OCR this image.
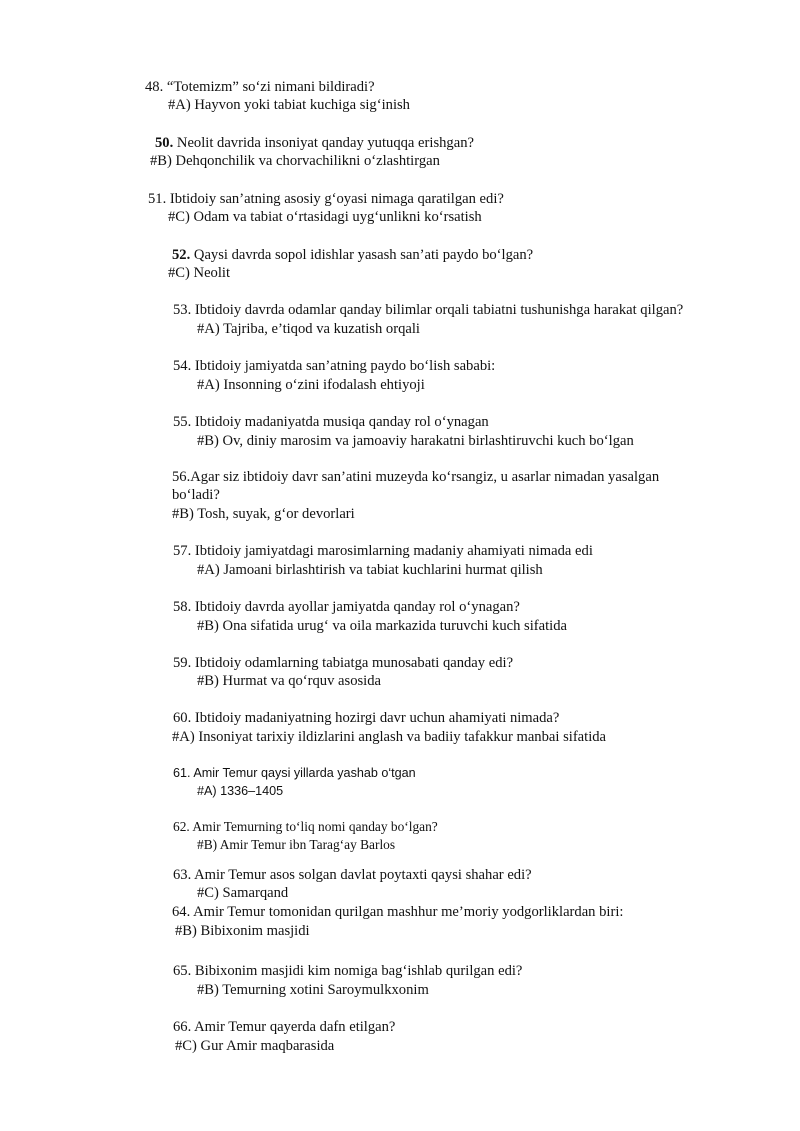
48. “Totemizm” so‘zi nimani bildiradi?
#A) Hayvon yoki tabiat kuchiga sig‘inish
50. Neolit davrida insoniyat qanday yutuqqa erishgan?
#B) Dehqonchilik va chorvachilikni o‘zlashtirgan
51. Ibtidoiy san’atning asosiy g‘oyasi nimaga qaratilgan edi?
#C) Odam va tabiat o‘rtasidagi uyg‘unlikni ko‘rsatish
52. Qaysi davrda sopol idishlar yasash san’ati paydo bo‘lgan?
#C) Neolit
53. Ibtidoiy davrda odamlar qanday bilimlar orqali tabiatni tushunishga harakat qilgan?
#A) Tajriba, e’tiqod va kuzatish orqali
54. Ibtidoiy jamiyatda san’atning paydo bo‘lish sababi:
#A) Insonning o‘zini ifodalash ehtiyoji
55. Ibtidoiy madaniyatda musiqa qanday rol o‘ynagan
#B) Ov, diniy marosim va jamoaviy harakatni birlashtiruvchi kuch bo‘lgan
56.Agar siz ibtidoiy davr san’atini muzeyda ko‘rsangiz, u asarlar nimadan yasalgan
bo‘ladi?
#B) Tosh, suyak, g‘or devorlari
57. Ibtidoiy jamiyatdagi marosimlarning madaniy ahamiyati nimada edi
#A) Jamoani birlashtirish va tabiat kuchlarini hurmat qilish
58. Ibtidoiy davrda ayollar jamiyatda qanday rol o‘ynagan?
#B) Ona sifatida urug‘ va oila markazida turuvchi kuch sifatida
59. Ibtidoiy odamlarning tabiatga munosabati qanday edi?
#B) Hurmat va qo‘rquv asosida
60. Ibtidoiy madaniyatning hozirgi davr uchun ahamiyati nimada?
#A) Insoniyat tarixiy ildizlarini anglash va badiiy tafakkur manbai sifatida
61. Amir Temur qaysi yillarda yashab o‘tgan
#A) 1336–1405
62. Amir Temurning to‘liq nomi qanday bo‘lgan?
#B) Amir Temur ibn Tarag‘ay Barlos
63. Amir Temur asos solgan davlat poytaxti qaysi shahar edi?
#C) Samarqand
64. Amir Temur tomonidan qurilgan mashhur me’moriy yodgorliklardan biri:
#B) Bibixonim masjidi
65. Bibixonim masjidi kim nomiga bag‘ishlab qurilgan edi?
#B) Temurning xotini Saroymulkxonim
66. Amir Temur qayerda dafn etilgan?
#C) Gur Amir maqbarasida
